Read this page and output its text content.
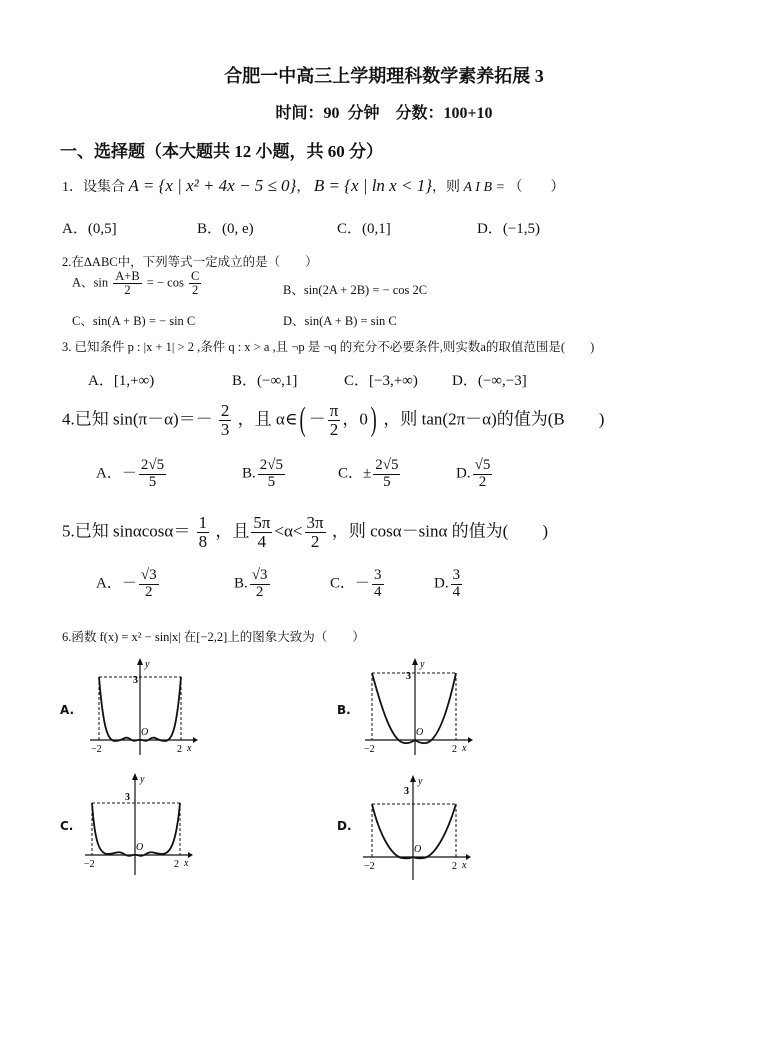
合肥一中高三上学期理科数学素养拓展 3
时间：90 分钟　分数：100+10
一、选择题（本大题共 12 小题，共 60 分）
1．设集合 A = {x | x² + 4x − 5 ≤ 0}， B = {x | ln x < 1}，则 A I B = （　　）
A．(0,5]	B．(0, e)	C．(0,1]	D．(−1,5)
2.在ΔABC中，下列等式一定成立的是（　　）
A、$\sin \frac{A+B}{2}$ = − $\cos \frac{C}{2}$	B、sin(2A + 2B) = − cos 2C
C、sin(A + B) = − sin C	D、sin(A + B) = sin C
3. 已知条件 p : |x + 1| > 2 ,条件 q : x > a ,且 ¬p 是 ¬q 的充分不必要条件,则实数a的取值范围是(　　)
A．[1,+∞)	B．(−∞,1]	C．[−3,+∞) D．(−∞,−3]
4.已知 $\sin(\pi-\alpha)=- \frac{2}{3}$ ，且 α∈( － $\frac{\pi}{2}$ ，0) ，则 tan(2π－α)的值为(B　　)
A．－ $\frac{2√5}{5}$	B. $\frac{2√5}{5}$	C．± $\frac{2√5}{5}$	D. $\frac{√5}{2}$
5.已知 $\sin\alpha\cos\alpha= \frac{1}{8}$ ，且 $\frac{5\pi}{4} <\alpha< \frac{3\pi}{2}$ ，则 cosα－sinα 的值为(　　)
A．－ $\frac{√3}{2}$	B. $\frac{√3}{2}$	C．－ $\frac{3}{4}$	D. $\frac{3}{4}$
6.函数 f(x) = x² − sin|x| 在[−2,2]上的图象大致为（　　）
A.
3
−2	2 x
y
O
B.
3
−2	2 x
y
O
C.
3
−2	2 x
y
O
D.
3
−2	2 x
y
O
